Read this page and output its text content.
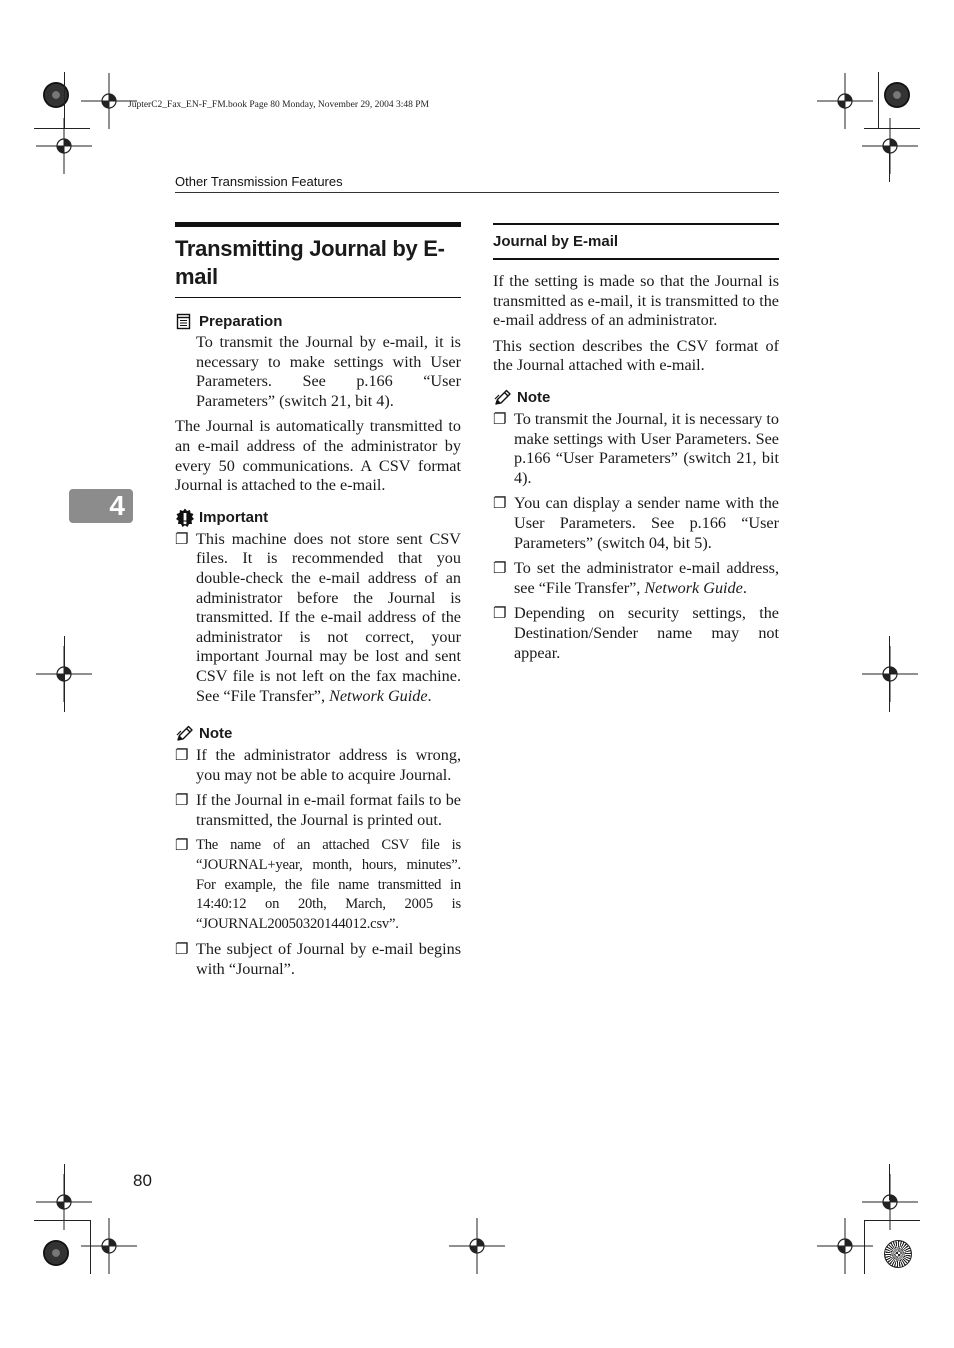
JupterC2_Fax_EN-F_FM.book Page 80 Monday, November 29, 2004 3:48 PM
Other Transmission Features
4
Transmitting Journal by E-mail
Preparation

To transmit the Journal by e-mail, it is necessary to make settings with User Parameters. See p.166 “User Parameters” (switch 21, bit 4).

The Journal is automatically transmitted to an e-mail address of the administrator by every 50 communications. A CSV format Journal is attached to the e-mail.

Important
❐ This machine does not store sent CSV files. It is recommended that you double-check the e-mail address of an administrator before the Journal is transmitted. If the e-mail address of the administrator is not correct, your important Journal may be lost and sent CSV file is not left on the fax machine. See “File Transfer”, Network Guide.
Note
❐ If the administrator address is wrong, you may not be able to acquire Journal.
❐ If the Journal in e-mail format fails to be transmitted, the Journal is printed out.
❐ The name of an attached CSV file is “JOURNAL+year, month, hours, minutes”. For example, the file name transmitted in 14:40:12 on 20th, March, 2005 is “JOURNAL20050320144012.csv”.
❐ The subject of Journal by e-mail begins with “Journal”.
Journal by E-mail

If the setting is made so that the Journal is transmitted as e-mail, it is transmitted to the e-mail address of an administrator.

This section describes the CSV format of the Journal attached with e-mail.

Note
❐ To transmit the Journal, it is necessary to make settings with User Parameters. See p.166 “User Parameters” (switch 21, bit 4).
❐ You can display a sender name with the User Parameters. See p.166 “User Parameters” (switch 04, bit 5).
❐ To set the administrator e-mail address, see “File Transfer”, Network Guide.
❐ Depending on security settings, the Destination/Sender name may not appear.
80
